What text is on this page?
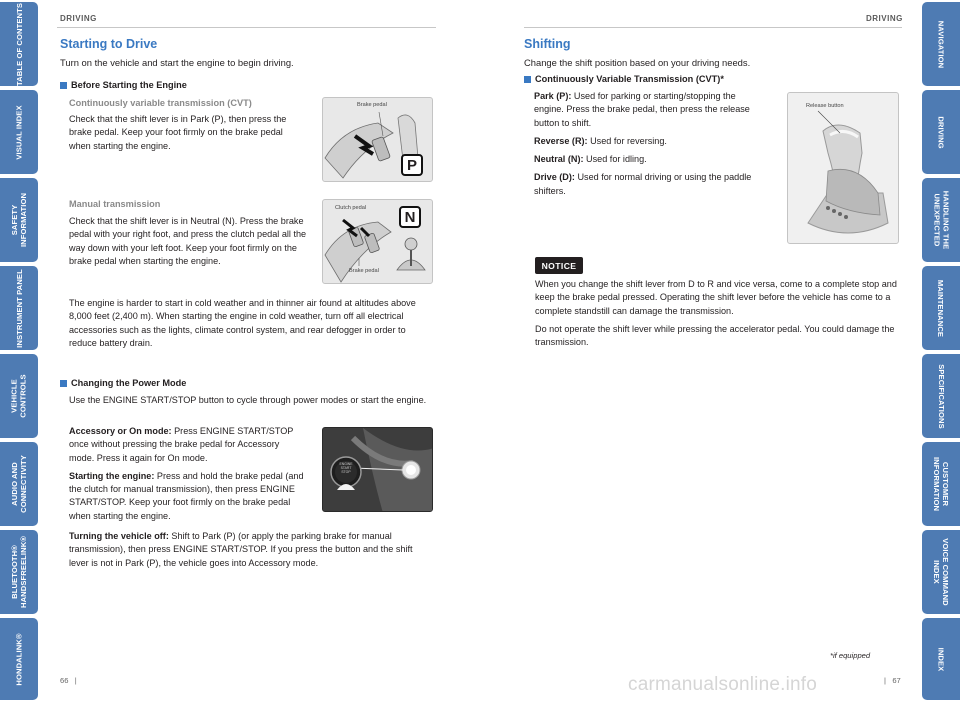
TABLE OF CONTENTS
VISUAL INDEX
SAFETY
INFORMATION
INSTRUMENT PANEL
VEHICLE
CONTROLS
AUDIO AND
CONNECTIVITY
BLUETOOTH®
HANDSFREELINK®
HONDALINK®
NAVIGATION
DRIVING
HANDLING THE
UNEXPECTED
MAINTENANCE
SPECIFICATIONS
CUSTOMER
INFORMATION
VOICE COMMAND
INDEX
INDEX
DRIVING
Starting to Drive
Turn on the vehicle and start the engine to begin driving.
Before Starting the Engine
Continuously variable transmission (CVT)
Check that the shift lever is in Park (P), then press the brake pedal. Keep your foot firmly on the brake pedal when starting the engine.
Brake pedal
P
Manual transmission
Check that the shift lever is in Neutral (N). Press the brake pedal with your right foot, and press the clutch pedal all the way down with your left foot. Keep your foot firmly on the brake pedal when starting the engine.
Clutch pedal
Brake pedal
N
The engine is harder to start in cold weather and in thinner air found at altitudes above 8,000 feet (2,400 m). When starting the engine in cold weather, turn off all electrical accessories such as the lights, climate control system, and rear defogger in order to reduce battery drain.
Changing the Power Mode
Use the ENGINE START/STOP button to cycle through power modes or start the engine.
Accessory or On mode: Press ENGINE START/STOP once without pressing the brake pedal for Accessory mode. Press it again for On mode.
Starting the engine: Press and hold the brake pedal (and the clutch for manual transmission), then press ENGINE START/STOP. Keep your foot firmly on the brake pedal when starting the engine.
Turning the vehicle off: Shift to Park (P) (or apply the parking brake for manual transmission), then press ENGINE START/STOP. If you press the button and the shift lever is not in Park (P), the vehicle goes into Accessory mode.
ENGINE
START
STOP
66   |
DRIVING
Shifting
Change the shift position based on your driving needs.
Continuously Variable Transmission (CVT)*
Park (P): Used for parking or starting/stopping the engine. Press the brake pedal, then press the release button to shift.
Reverse (R): Used for reversing.
Neutral (N): Used for idling.
Drive (D): Used for normal driving or using the paddle shifters.
Release button
NOTICE
When you change the shift lever from D to R and vice versa, come to a complete stop and keep the brake pedal pressed. Operating the shift lever before the vehicle has come to a complete standstill can damage the transmission.
Do not operate the shift lever while pressing the accelerator pedal. You could damage the transmission.
*if equipped
|   67
carmanualsonline.info
